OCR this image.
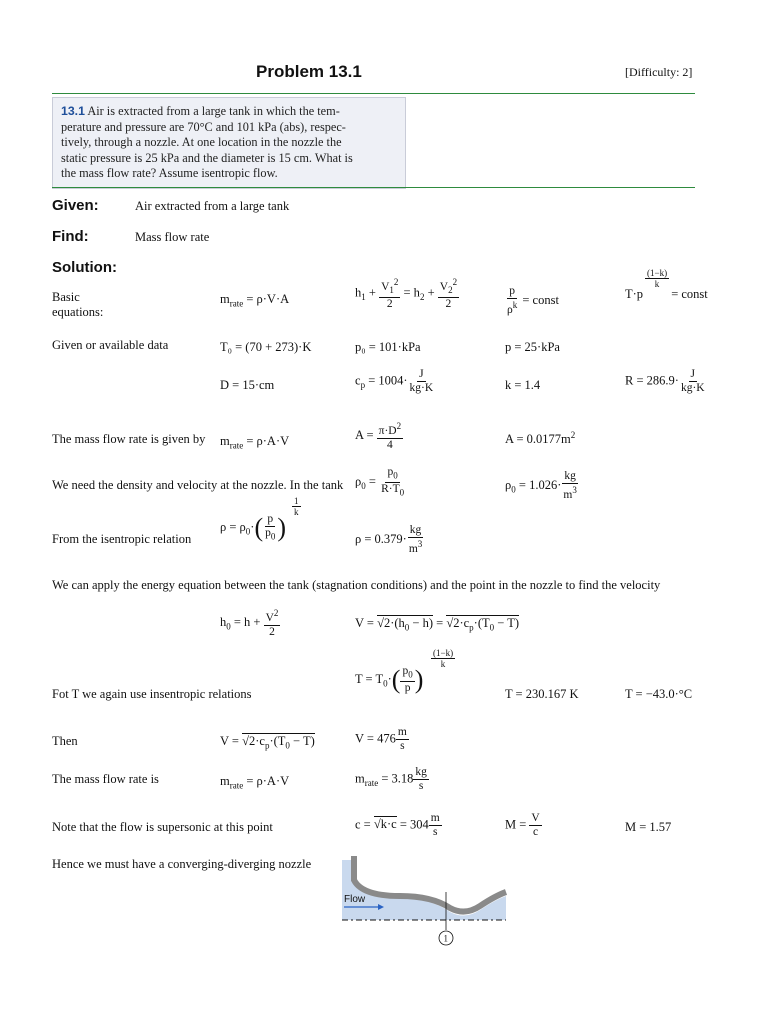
Problem 13.1	[Difficulty: 2]
13.1 Air is extracted from a large tank in which the tem-
perature and pressure are 70°C and 101 kPa (abs), respec-
tively, through a nozzle. At one location in the nozzle the
static pressure is 25 kPa and the diameter is 15 cm. What is
the mass flow rate? Assume isentropic flow.
Given:	Air extracted from a large tank
Find:	Mass flow rate
Solution:
Basic
equations:
$m_{rate} = \rho\cdot V\cdot A$	$h_1 + \frac{V_1^2}{2} = h_2 + \frac{V_2^2}{2}$	$\frac{p}{\rho^k}$ = const
$\frac{(1-k)}{k}$
T·p         = const
Given or available data	T₀ = (70 + 273)·K	p₀ = 101·kPa	p = 25·kPa
D = 15·cm	$c_p = 1004\cdot \frac{J}{kg\cdot K}$	k = 1.4	$R = 286.9\cdot \frac{J}{kg\cdot K}$
The mass flow rate is given by $m_{rate} = \rho\cdot A\cdot V$	$A = \frac{\pi\cdot D^2}{4}$	$A = 0.0177m^2$
We need the density and velocity at the nozzle. In the tank $\rho_0 = \frac{p_0}{R\cdot T_0}$	$\rho_0 = 1.026\cdot \frac{kg}{m^3}$
From the isentropic relation
$\frac{1}{k}$
$\rho = \rho_0\cdot( \frac{p}{p_0}$ )	$\rho = 0.379\cdot \frac{kg}{m^3}$
We can apply the energy equation between the tank (stagnation conditions) and the point in the nozzle to find the velocity
$h_0 = h + \frac{V^2}{2}$	$V = √2\cdot(h_0 - h) = √2\cdot c_p\cdot(T_0 - T)$
Fot T we again use insentropic relations
$\frac{(1-k)}{k}$
$T = T_0\cdot( \frac{p_0}{p}$ )	T = 230.167 K	T = −43.0·°C
Then	$V = √2\cdot c_p\cdot(T_0 - T)$	$V = 476 \frac{m}{s}$
The mass flow rate is	$m_{rate} = \rho\cdot A\cdot V$	$m_{rate} = 3.18 \frac{kg}{s}$
Note that the flow is supersonic at this point	$c = √k\cdot c = 304 \frac{m}{s}$	$M = \frac{V}{c}$	M = 1.57
Hence we must have a converging-diverging nozzle
Flow
1
